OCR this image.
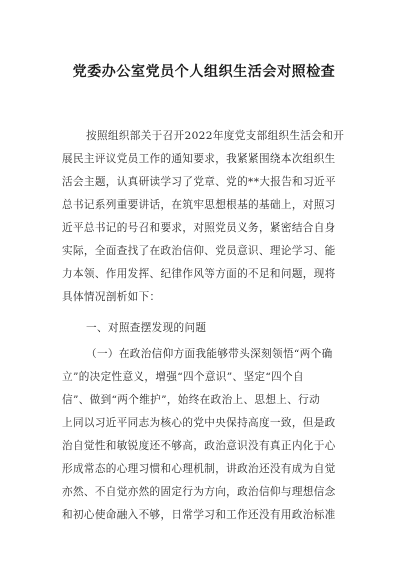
党委办公室党员个人组织生活会对照检查
按照组织部关于召开2022年度党支部组织生活会和开
展民主评议党员工作的通知要求，我紧紧围绕本次组织生
活会主题，认真研读学习了党章、党的**大报告和习近平
总书记系列重要讲话，在筑牢思想根基的基础上，对照习
近平总书记的号召和要求，对照党员义务，紧密结合自身
实际，全面查找了在政治信仰、党员意识、理论学习、能
力本领、作用发挥、纪律作风等方面的不足和问题，现将
具体情况剖析如下：
一、对照查摆发现的问题
（一）在政治信仰方面我能够带头深刻领悟“两个确
立”的决定性意义，增强“四个意识”、坚定“四个自
信”、做到“两个维护”，始终在政治上、思想上、行动
上同以习近平同志为核心的党中央保持高度一致，但是政
治自觉性和敏锐度还不够高，政治意识没有真正内化于心
形成常态的心理习惯和心理机制，讲政治还没有成为自觉
亦然、不自觉亦然的固定行为方向，政治信仰与理想信念
和初心使命融入不够，日常学习和工作还没有用政治标准
